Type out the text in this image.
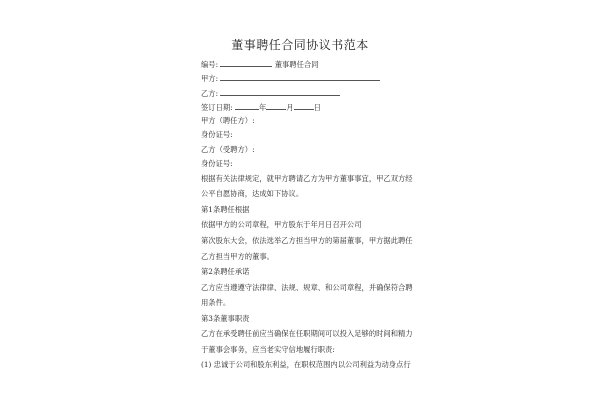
董事聘任合同协议书范本
编号:	董事聘任合同
甲方:
乙方:
签订日期:	年	月	日
甲方（聘任方）:
身份证号:
乙方（受聘方）:
身份证号:
根据有关法律规定，就甲方聘请乙方为甲方董事事宜，甲乙双方经
公平自愿协商，达成如下协议。
第1条聘任根据
依据甲方的公司章程，甲方股东于年月日召开公司
第次股东大会，依法选举乙方担当甲方的第届董事，甲方据此聘任
乙方担当甲方的董事。
第2条聘任承诺
乙方应当遵遵守法律律、法规、规章、和公司章程，并确保符合聘
用条件。
第3条董事职责
乙方在承受聘任前应当确保在任职期间可以投入足够的时间和精力
于董事会事务，应当老实守信地履行职责:
(1) 忠诚于公司和股东利益，在职权范围内以公司利益为动身点行
